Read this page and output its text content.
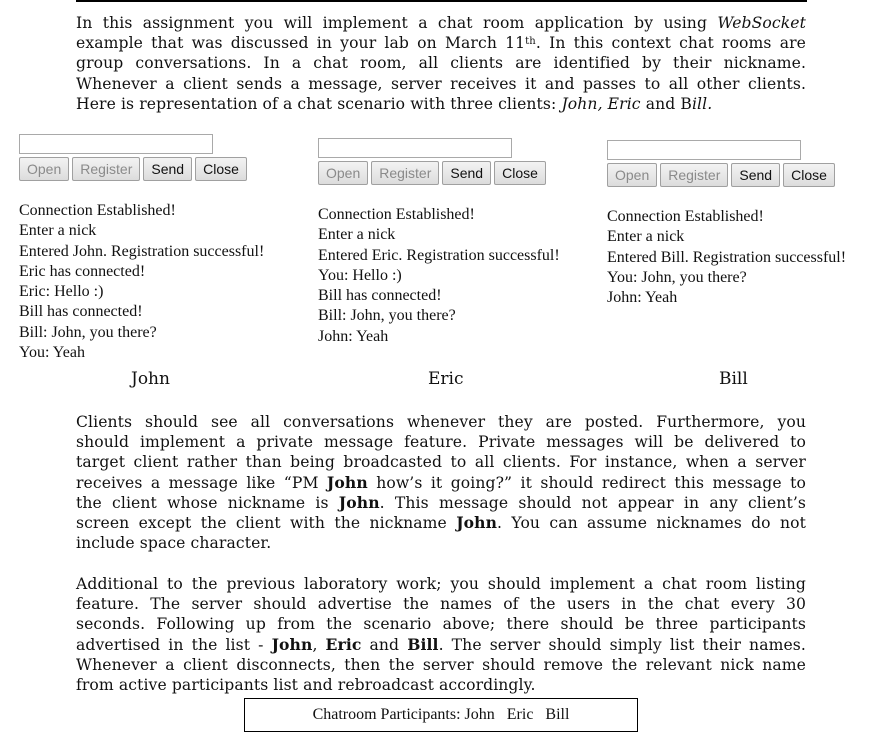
In this assignment you will implement a chat room application by using WebSocket
example that was discussed in your lab on March 11th. In this context chat rooms are
group conversations. In a chat room, all clients are identified by their nickname.
Whenever a client sends a message, server receives it and passes to all other clients.
Here is representation of a chat scenario with three clients: John, Eric and Bill.
Open	Register	Send	Close
Connection Established!
Enter a nick
Entered John. Registration successful!
Eric has connected!
Eric: Hello :)
Bill has connected!
Bill: John, you there?
You: Yeah
Open	Register	Send	Close
Connection Established!
Enter a nick
Entered Eric. Registration successful!
You: Hello :)
Bill has connected!
Bill: John, you there?
John: Yeah
Open	Register	Send	Close
Connection Established!
Enter a nick
Entered Bill. Registration successful!
You: John, you there?
John: Yeah
John	Eric	Bill
Clients should see all conversations whenever they are posted. Furthermore, you
should implement a private message feature. Private messages will be delivered to
target client rather than being broadcasted to all clients. For instance, when a server
receives a message like “PM John how’s it going?” it should redirect this message to
the client whose nickname is John. This message should not appear in any client’s
screen except the client with the nickname John. You can assume nicknames do not
include space character.
Additional to the previous laboratory work; you should implement a chat room listing
feature. The server should advertise the names of the users in the chat every 30
seconds. Following up from the scenario above; there should be three participants
advertised in the list - John, Eric and Bill. The server should simply list their names.
Whenever a client disconnects, then the server should remove the relevant nick name
from active participants list and rebroadcast accordingly.
Chatroom Participants: John   Eric   Bill
